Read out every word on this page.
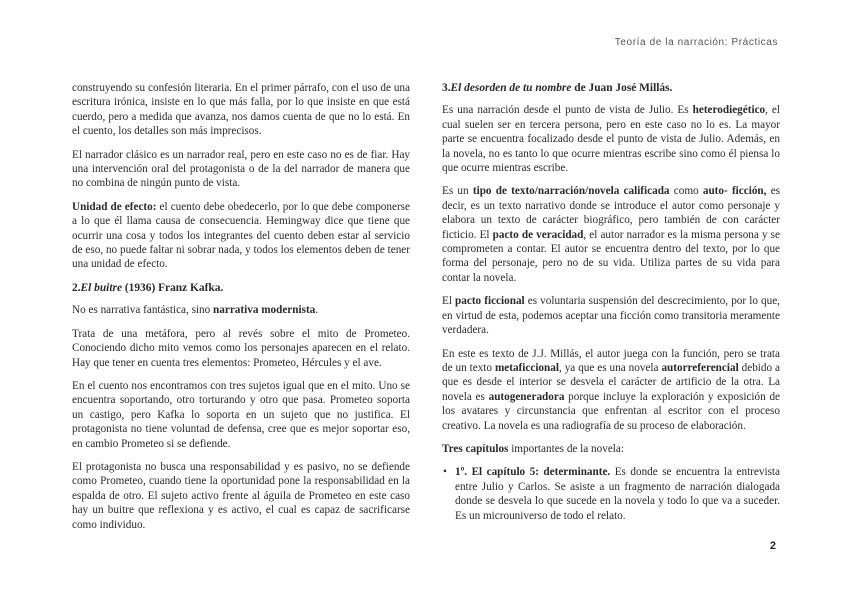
Teoría de la narración: Prácticas

construyendo su confesión literaria. En el primer párrafo, con el uso de una escritura irónica, insiste en lo que más falla, por lo que insiste en que está cuerdo, pero a medida que avanza, nos damos cuenta de que no lo está. En el cuento, los detalles son más imprecisos.

El narrador clásico es un narrador real, pero en este caso no es de fiar. Hay una intervención oral del protagonista o de la del narrador de manera que no combina de ningún punto de vista.

Unidad de efecto: el cuento debe obedecerlo, por lo que debe componerse a lo que él llama causa de consecuencia. Hemingway dice que tiene que ocurrir una cosa y todos los integrantes del cuento deben estar al servicio de eso, no puede faltar ni sobrar nada, y todos los elementos deben de tener una unidad de efecto.

2.El buitre (1936) Franz Kafka.

No es narrativa fantástica, sino narrativa modernista.

Trata de una metáfora, pero al revés sobre el mito de Prometeo. Conociendo dicho mito vemos como los personajes aparecen en el relato. Hay que tener en cuenta tres elementos: Prometeo, Hércules y el ave.

En el cuento nos encontramos con tres sujetos igual que en el mito. Uno se encuentra soportando, otro torturando y otro que pasa. Prometeo soporta un castigo, pero Kafka lo soporta en un sujeto que no justifica. El protagonista no tiene voluntad de defensa, cree que es mejor soportar eso, en cambio Prometeo si se defiende.

El protagonista no busca una responsabilidad y es pasivo, no se defiende como Prometeo, cuando tiene la oportunidad pone la responsabilidad en la espalda de otro. El sujeto activo frente al águila de Prometeo en este caso hay un buitre que reflexiona y es activo, el cual es capaz de sacrificarse como individuo.

3.El desorden de tu nombre de Juan José Millás.

Es una narración desde el punto de vista de Julio. Es heterodiegético, el cual suelen ser en tercera persona, pero en este caso no lo es. La mayor parte se encuentra focalizado desde el punto de vista de Julio. Además, en la novela, no es tanto lo que ocurre mientras escribe sino como él piensa lo que ocurre mientras escribe.

Es un tipo de texto/narración/novela calificada como auto- ficción, es decir, es un texto narrativo donde se introduce el autor como personaje y elabora un texto de carácter biográfico, pero también de con carácter ficticio. El pacto de veracidad, el autor narrador es la misma persona y se comprometen a contar. El autor se encuentra dentro del texto, por lo que forma del personaje, pero no de su vida. Utiliza partes de su vida para contar la novela.

El pacto ficcional es voluntaria suspensión del descrecimiento, por lo que, en virtud de esta, podemos aceptar una ficción como transitoria meramente verdadera.

En este es texto de J.J. Millás, el autor juega con la función, pero se trata de un texto metaficcional, ya que es una novela autorreferencial debido a que es desde el interior se desvela el carácter de artificio de la otra. La novela es autogeneradora porque incluye la exploración y exposición de los avatares y circunstancia que enfrentan al escritor con el proceso creativo. La novela es una radiografía de su proceso de elaboración.

Tres capítulos importantes de la novela:

• 1º. El capítulo 5: determinante. Es donde se encuentra la entrevista entre Julio y Carlos. Se asiste a un fragmento de narración dialogada donde se desvela lo que sucede en la novela y todo lo que va a suceder. Es un microuniverso de todo el relato.
2
